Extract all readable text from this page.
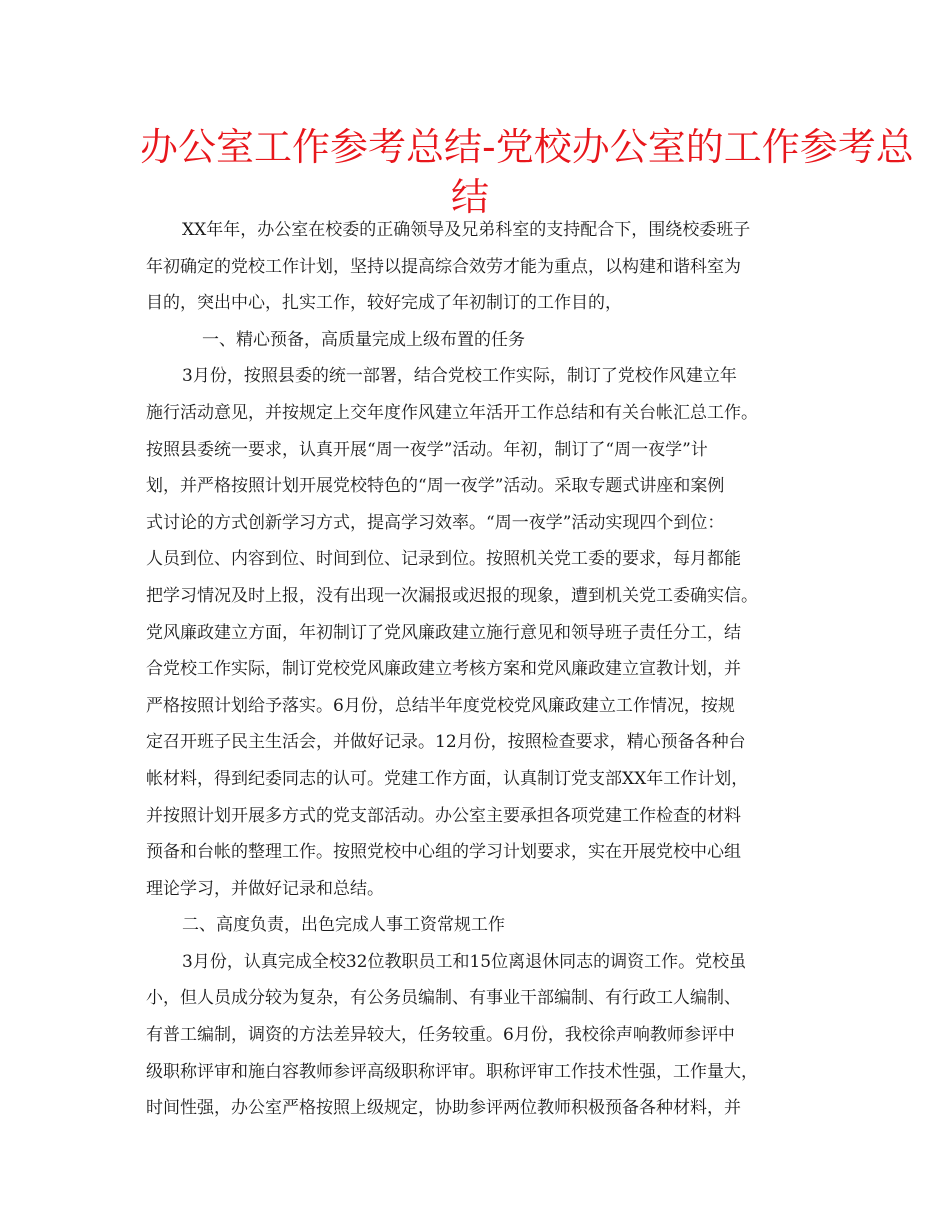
办公室工作参考总结-党校办公室的工作参考总
结

XX年年，办公室在校委的正确领导及兄弟科室的支持配合下，围绕校委班子
年初确定的党校工作计划，坚持以提高综合效劳才能为重点，以构建和谐科室为
目的，突出中心，扎实工作，较好完成了年初制订的工作目的，

一、精心预备，高质量完成上级布置的任务

3月份，按照县委的统一部署，结合党校工作实际，制订了党校作风建立年
施行活动意见，并按规定上交年度作风建立年活开工作总结和有关台帐汇总工作。
按照县委统一要求，认真开展“周一夜学”活动。年初，制订了“周一夜学”计
划，并严格按照计划开展党校特色的“周一夜学”活动。采取专题式讲座和案例
式讨论的方式创新学习方式，提高学习效率。“周一夜学”活动实现四个到位：
人员到位、内容到位、时间到位、记录到位。按照机关党工委的要求，每月都能
把学习情况及时上报，没有出现一次漏报或迟报的现象，遭到机关党工委确实信。
党风廉政建立方面，年初制订了党风廉政建立施行意见和领导班子责任分工，结
合党校工作实际，制订党校党风廉政建立考核方案和党风廉政建立宣教计划，并
严格按照计划给予落实。6月份，总结半年度党校党风廉政建立工作情况，按规
定召开班子民主生活会，并做好记录。12月份，按照检查要求，精心预备各种台
帐材料，得到纪委同志的认可。党建工作方面，认真制订党支部XX年工作计划，
并按照计划开展多方式的党支部活动。办公室主要承担各项党建工作检查的材料
预备和台帐的整理工作。按照党校中心组的学习计划要求，实在开展党校中心组
理论学习，并做好记录和总结。

二、高度负责，出色完成人事工资常规工作

3月份，认真完成全校32位教职员工和15位离退休同志的调资工作。党校虽
小，但人员成分较为复杂，有公务员编制、有事业干部编制、有行政工人编制、
有普工编制，调资的方法差异较大，任务较重。6月份，我校徐声响教师参评中
级职称评审和施白容教师参评高级职称评审。职称评审工作技术性强，工作量大，
时间性强，办公室严格按照上级规定，协助参评两位教师积极预备各种材料，并
